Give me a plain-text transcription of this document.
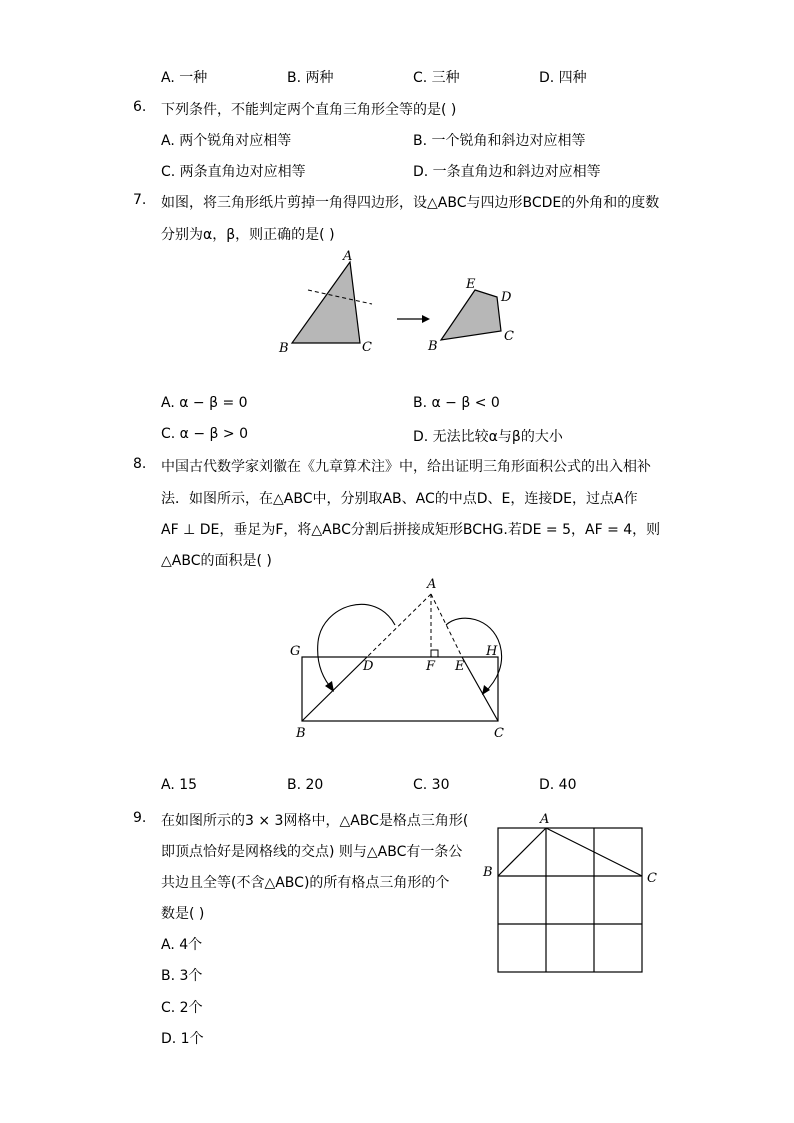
A. 一种	B. 两种	C. 三种	D. 四种
6. 下列条件，不能判定两个直角三角形全等的是( )
A. 两个锐角对应相等	B. 一个锐角和斜边对应相等
C. 两条直角边对应相等	D. 一条直角边和斜边对应相等
7. 如图，将三角形纸片剪掉一角得四边形，设△ABC与四边形BCDE的外角和的度数
分别为α，β，则正确的是( )
A
B	C
E
D
B
C
A. α − β = 0	B. α − β < 0
C. α − β > 0	D. 无法比较α与β的大小
8. 中国古代数学家刘徽在《九章算术注》中，给出证明三角形面积公式的出入相补
法．如图所示，在△ABC中，分别取AB、AC的中点D、E，连接DE，过点A作
AF ⊥ DE，垂足为F，将△ABC分割后拼接成矩形BCHG.若DE = 5，AF = 4，则
△ABC的面积是( )
A
G
D	F E
H
B	C
A. 15	B. 20	C. 30	D. 40
9. 在如图所示的3 × 3网格中，△ABC是格点三角形(
即顶点恰好是网格线的交点) 则与△ABC有一条公
共边且全等(不含△ABC)的所有格点三角形的个
数是( )
A
B	C
A. 4个
B. 3个
C. 2个
D. 1个
